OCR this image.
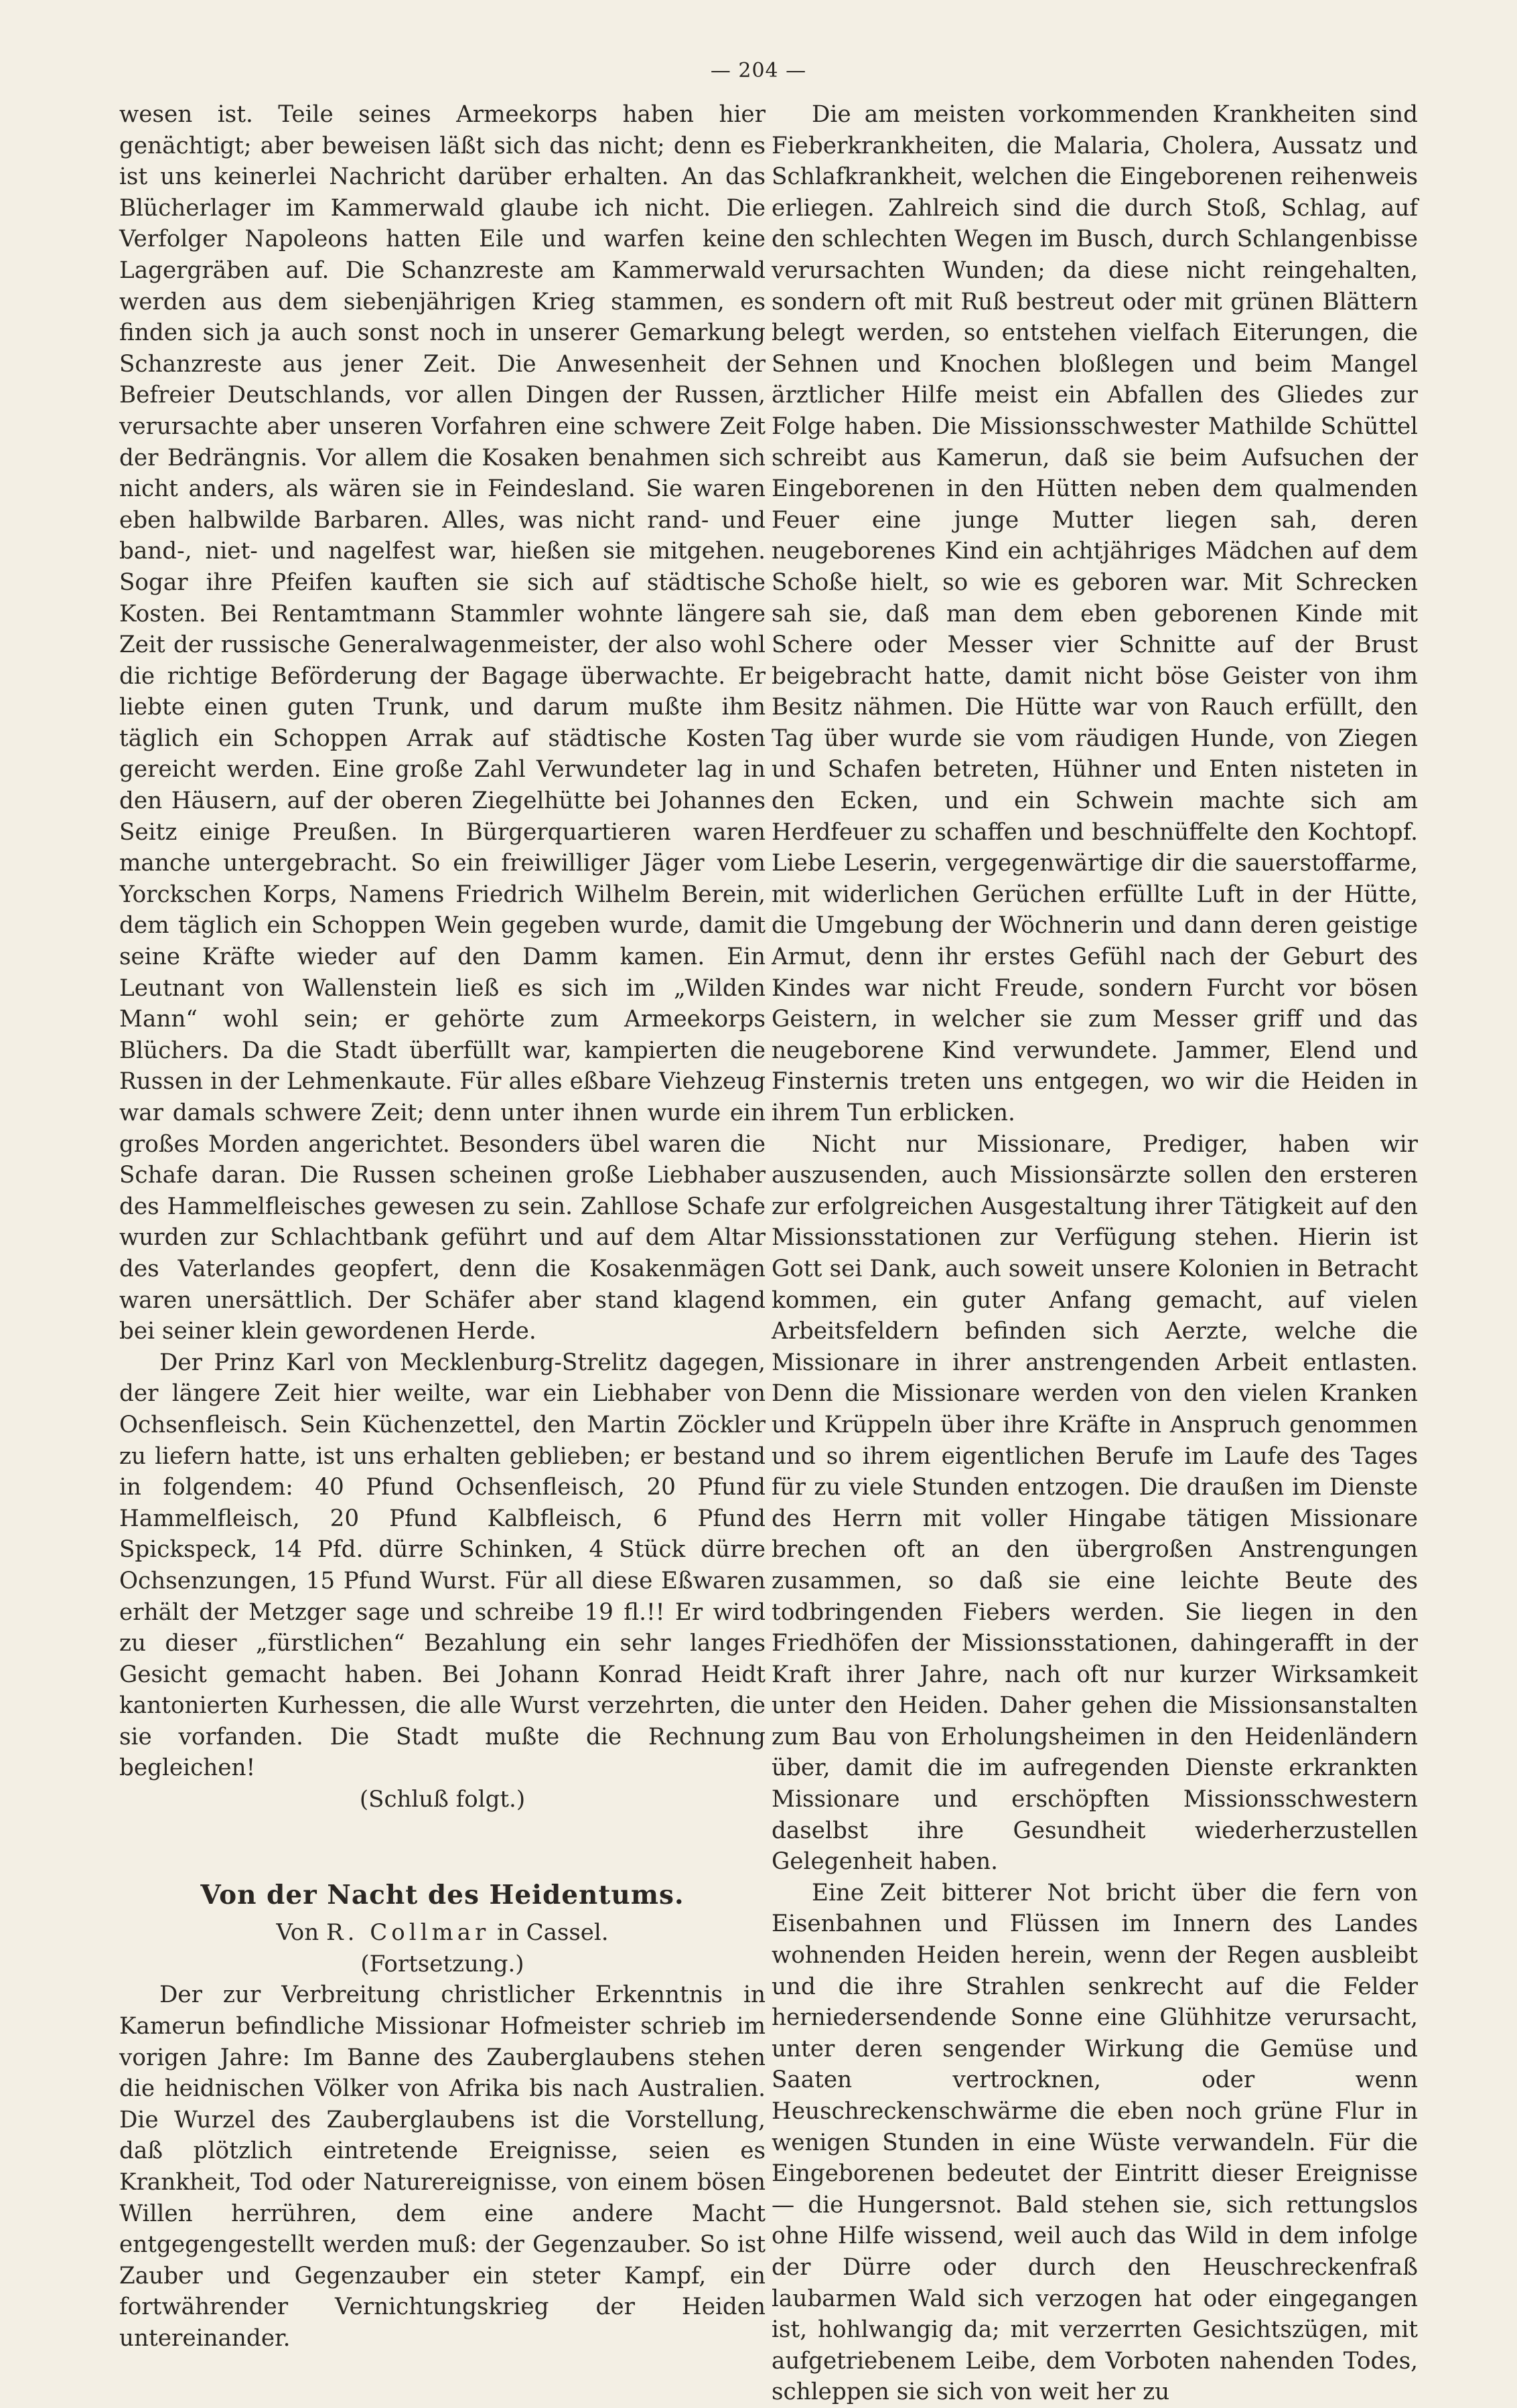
— 204 —

wesen ist. Teile seines Armeekorps haben hier genächtigt; aber beweisen läßt sich das nicht; denn es ist uns keinerlei Nachricht darüber erhalten. An das Blücherlager im Kammerwald glaube ich nicht. Die Verfolger Napoleons hatten Eile und warfen keine Lagergräben auf. Die Schanzreste am Kammerwald werden aus dem siebenjährigen Krieg stammen, es finden sich ja auch sonst noch in unserer Gemarkung Schanzreste aus jener Zeit. Die Anwesenheit der Befreier Deutschlands, vor allen Dingen der Russen, verursachte aber unseren Vorfahren eine schwere Zeit der Bedrängnis. Vor allem die Kosaken benahmen sich nicht anders, als wären sie in Feindesland. Sie waren eben halbwilde Barbaren. Alles, was nicht rand- und band-, niet- und nagelfest war, hießen sie mitgehen. Sogar ihre Pfeifen kauften sie sich auf städtische Kosten. Bei Rentamtmann Stammler wohnte längere Zeit der russische Generalwagenmeister, der also wohl die richtige Beförderung der Bagage überwachte. Er liebte einen guten Trunk, und darum mußte ihm täglich ein Schoppen Arrak auf städtische Kosten gereicht werden. Eine große Zahl Verwundeter lag in den Häusern, auf der oberen Ziegelhütte bei Johannes Seitz einige Preußen. In Bürgerquartieren waren manche untergebracht. So ein freiwilliger Jäger vom Yorckschen Korps, Namens Friedrich Wilhelm Berein, dem täglich ein Schoppen Wein gegeben wurde, damit seine Kräfte wieder auf den Damm kamen. Ein Leutnant von Wallenstein ließ es sich im „Wilden Mann“ wohl sein; er gehörte zum Armeekorps Blüchers. Da die Stadt überfüllt war, kampierten die Russen in der Lehmenkaute. Für alles eßbare Viehzeug war damals schwere Zeit; denn unter ihnen wurde ein großes Morden angerichtet. Besonders übel waren die Schafe daran. Die Russen scheinen große Liebhaber des Hammelfleisches gewesen zu sein. Zahllose Schafe wurden zur Schlachtbank geführt und auf dem Altar des Vaterlandes geopfert, denn die Kosakenmägen waren unersättlich. Der Schäfer aber stand klagend bei seiner klein gewordenen Herde.

Der Prinz Karl von Mecklenburg-Strelitz dagegen, der längere Zeit hier weilte, war ein Liebhaber von Ochsenfleisch. Sein Küchenzettel, den Martin Zöckler zu liefern hatte, ist uns erhalten geblieben; er bestand in folgendem: 40 Pfund Ochsenfleisch, 20 Pfund Hammelfleisch, 20 Pfund Kalbfleisch, 6 Pfund Spickspeck, 14 Pfd. dürre Schinken, 4 Stück dürre Ochsenzungen, 15 Pfund Wurst. Für all diese Eßwaren erhält der Metzger sage und schreibe 19 fl.!! Er wird zu dieser „fürstlichen“ Bezahlung ein sehr langes Gesicht gemacht haben. Bei Johann Konrad Heidt kantonierten Kurhessen, die alle Wurst verzehrten, die sie vorfanden. Die Stadt mußte die Rechnung begleichen!

(Schluß folgt.)

Von der Nacht des Heidentums.

Von R. Collmar in Cassel.

(Fortsetzung.)

Der zur Verbreitung christlicher Erkenntnis in Kamerun befindliche Missionar Hofmeister schrieb im vorigen Jahre: Im Banne des Zauberglaubens stehen die heidnischen Völker von Afrika bis nach Australien. Die Wurzel des Zauberglaubens ist die Vorstellung, daß plötzlich eintretende Ereignisse, seien es Krankheit, Tod oder Naturereignisse, von einem bösen Willen herrühren, dem eine andere Macht entgegengestellt werden muß: der Gegenzauber. So ist Zauber und Gegenzauber ein steter Kampf, ein fortwährender Vernichtungskrieg der Heiden untereinander.

Die am meisten vorkommenden Krankheiten sind Fieberkrankheiten, die Malaria, Cholera, Aussatz und Schlafkrankheit, welchen die Eingeborenen reihenweis erliegen. Zahlreich sind die durch Stoß, Schlag, auf den schlechten Wegen im Busch, durch Schlangenbisse verursachten Wunden; da diese nicht reingehalten, sondern oft mit Ruß bestreut oder mit grünen Blättern belegt werden, so entstehen vielfach Eiterungen, die Sehnen und Knochen bloßlegen und beim Mangel ärztlicher Hilfe meist ein Abfallen des Gliedes zur Folge haben. Die Missionsschwester Mathilde Schüttel schreibt aus Kamerun, daß sie beim Aufsuchen der Eingeborenen in den Hütten neben dem qualmenden Feuer eine junge Mutter liegen sah, deren neugeborenes Kind ein achtjähriges Mädchen auf dem Schoße hielt, so wie es geboren war. Mit Schrecken sah sie, daß man dem eben geborenen Kinde mit Schere oder Messer vier Schnitte auf der Brust beigebracht hatte, damit nicht böse Geister von ihm Besitz nähmen. Die Hütte war von Rauch erfüllt, den Tag über wurde sie vom räudigen Hunde, von Ziegen und Schafen betreten, Hühner und Enten nisteten in den Ecken, und ein Schwein machte sich am Herdfeuer zu schaffen und beschnüffelte den Kochtopf. Liebe Leserin, vergegenwärtige dir die sauerstoffarme, mit widerlichen Gerüchen erfüllte Luft in der Hütte, die Umgebung der Wöchnerin und dann deren geistige Armut, denn ihr erstes Gefühl nach der Geburt des Kindes war nicht Freude, sondern Furcht vor bösen Geistern, in welcher sie zum Messer griff und das neugeborene Kind verwundete. Jammer, Elend und Finsternis treten uns entgegen, wo wir die Heiden in ihrem Tun erblicken.

Nicht nur Missionare, Prediger, haben wir auszusenden, auch Missionsärzte sollen den ersteren zur erfolgreichen Ausgestaltung ihrer Tätigkeit auf den Missionsstationen zur Verfügung stehen. Hierin ist Gott sei Dank, auch soweit unsere Kolonien in Betracht kommen, ein guter Anfang gemacht, auf vielen Arbeitsfeldern befinden sich Aerzte, welche die Missionare in ihrer anstrengenden Arbeit entlasten. Denn die Missionare werden von den vielen Kranken und Krüppeln über ihre Kräfte in Anspruch genommen und so ihrem eigentlichen Berufe im Laufe des Tages für zu viele Stunden entzogen. Die draußen im Dienste des Herrn mit voller Hingabe tätigen Missionare brechen oft an den übergroßen Anstrengungen zusammen, so daß sie eine leichte Beute des todbringenden Fiebers werden. Sie liegen in den Friedhöfen der Missionsstationen, dahingerafft in der Kraft ihrer Jahre, nach oft nur kurzer Wirksamkeit unter den Heiden. Daher gehen die Missionsanstalten zum Bau von Erholungsheimen in den Heidenländern über, damit die im aufregenden Dienste erkrankten Missionare und erschöpften Missionsschwestern daselbst ihre Gesundheit wiederherzustellen Gelegenheit haben.

Eine Zeit bitterer Not bricht über die fern von Eisenbahnen und Flüssen im Innern des Landes wohnenden Heiden herein, wenn der Regen ausbleibt und die ihre Strahlen senkrecht auf die Felder herniedersendende Sonne eine Glühhitze verursacht, unter deren sengender Wirkung die Gemüse und Saaten vertrocknen, oder wenn Heuschreckenschwärme die eben noch grüne Flur in wenigen Stunden in eine Wüste verwandeln. Für die Eingeborenen bedeutet der Eintritt dieser Ereignisse — die Hungersnot. Bald stehen sie, sich rettungslos ohne Hilfe wissend, weil auch das Wild in dem infolge der Dürre oder durch den Heuschreckenfraß laubarmen Wald sich verzogen hat oder eingegangen ist, hohlwangig da; mit verzerrten Gesichtszügen, mit aufgetriebenem Leibe, dem Vorboten nahenden Todes, schleppen sie sich von weit her zu
